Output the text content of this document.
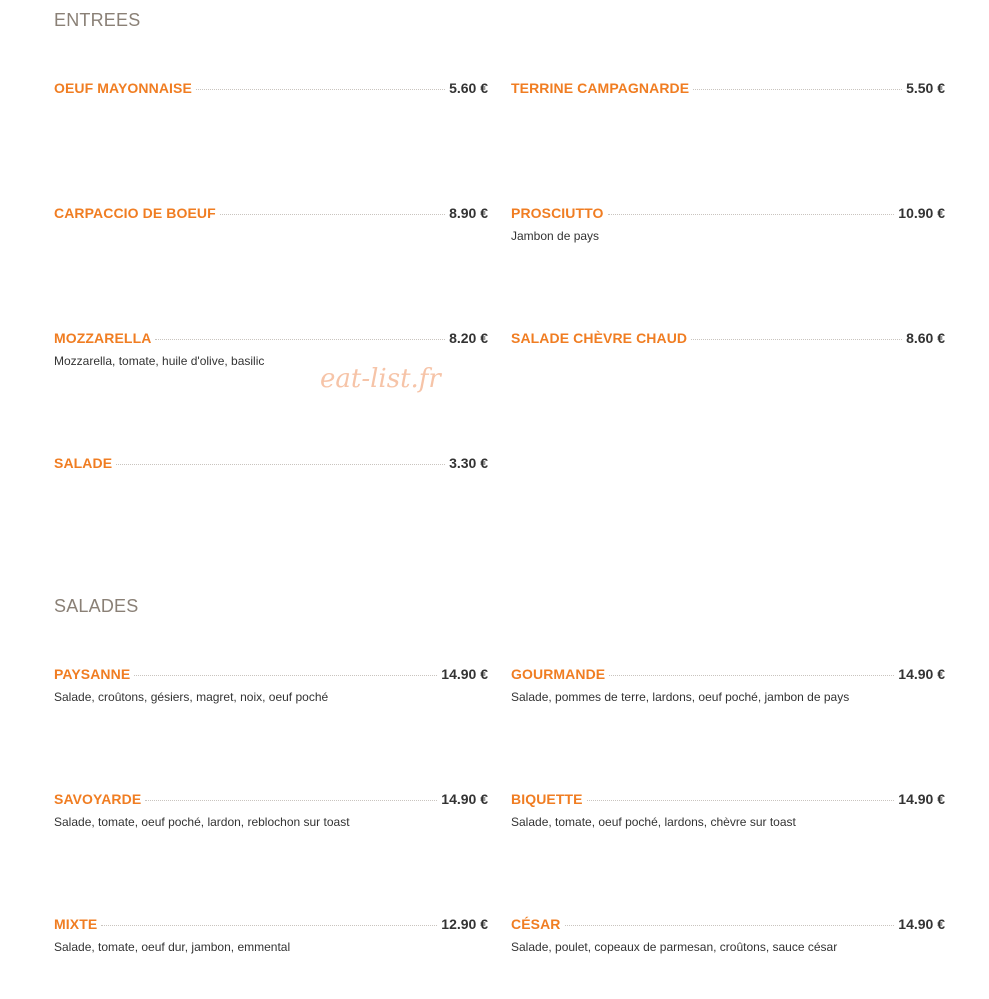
ENTREES
OEUF MAYONNAISE	5.60 € TERRINE CAMPAGNARDE	5.50 €
CARPACCIO DE BOEUF	8.90 € PROSCIUTTO	10.90 €
Jambon de pays
MOZZARELLA	8.20 €
Mozzarella, tomate, huile d'olive, basilic
SALADE CHÈVRE CHAUD	8.60 €
SALADE	3.30 €
eat-list.fr
SALADES
PAYSANNE	14.90 €
Salade, croûtons, gésiers, magret, noix, oeuf poché
GOURMANDE	14.90 €
Salade, pommes de terre, lardons, oeuf poché, jambon de pays
SAVOYARDE	14.90 €
Salade, tomate, oeuf poché, lardon, reblochon sur toast
BIQUETTE	14.90 €
Salade, tomate, oeuf poché, lardons, chèvre sur toast
MIXTE	12.90 €
Salade, tomate, oeuf dur, jambon, emmental
CÉSAR	14.90 €
Salade, poulet, copeaux de parmesan, croûtons, sauce césar
